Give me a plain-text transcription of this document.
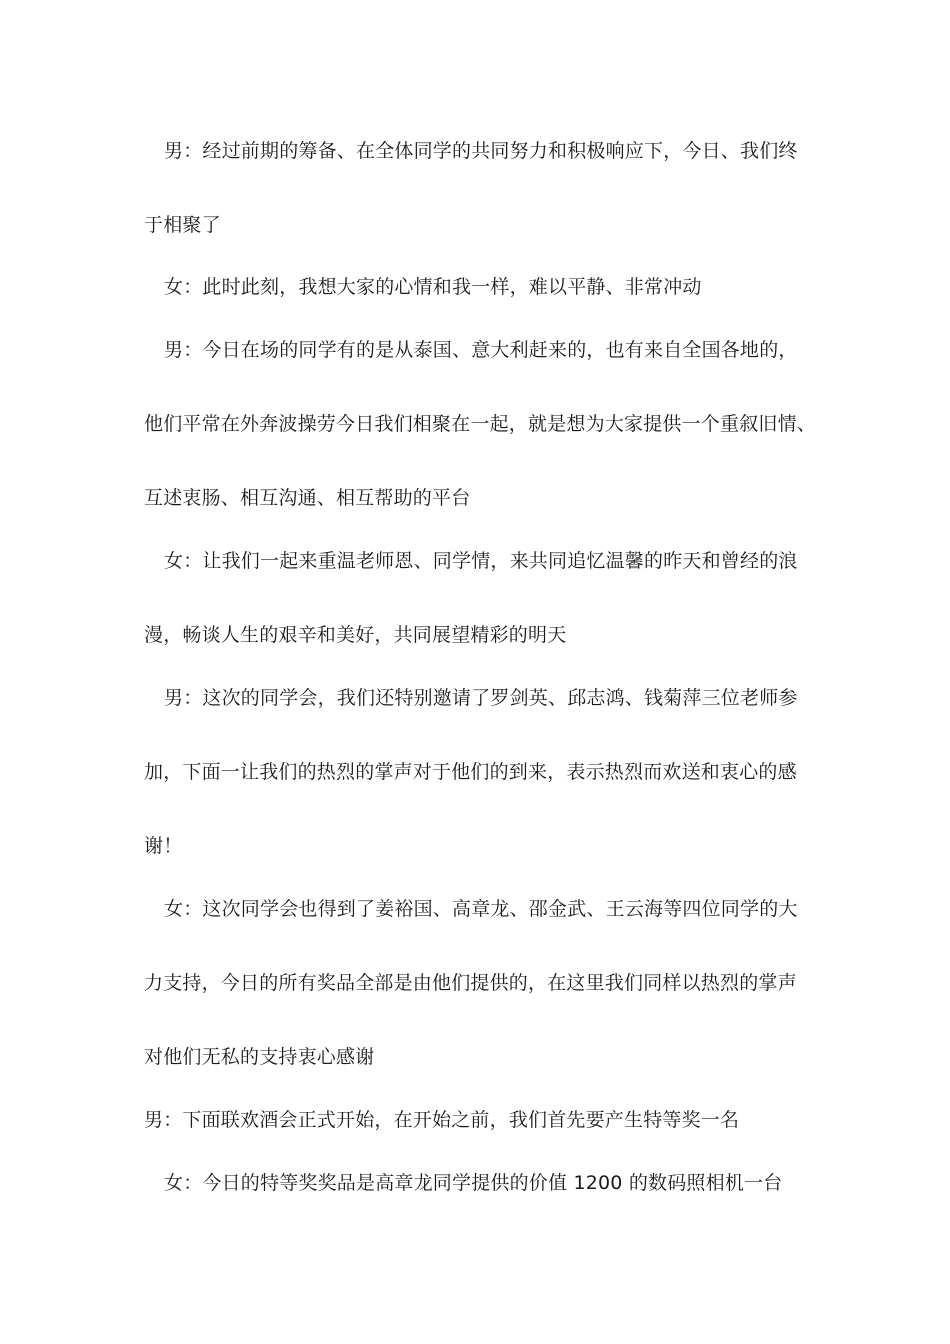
男：经过前期的筹备、在全体同学的共同努力和积极响应下，今日、我们终
于相聚了
女：此时此刻，我想大家的心情和我一样，难以平静、非常冲动
男：今日在场的同学有的是从泰国、意大利赶来的，也有来自全国各地的，
他们平常在外奔波操劳今日我们相聚在一起，就是想为大家提供一个重叙旧情、
互述衷肠、相互沟通、相互帮助的平台
女：让我们一起来重温老师恩、同学情，来共同追忆温馨的昨天和曾经的浪
漫，畅谈人生的艰辛和美好，共同展望精彩的明天
男：这次的同学会，我们还特别邀请了罗剑英、邱志鸿、钱菊萍三位老师参
加，下面一让我们的热烈的掌声对于他们的到来，表示热烈而欢送和衷心的感
谢！
女：这次同学会也得到了姜裕国、高章龙、邵金武、王云海等四位同学的大
力支持，今日的所有奖品全部是由他们提供的，在这里我们同样以热烈的掌声
对他们无私的支持衷心感谢
男：下面联欢酒会正式开始，在开始之前，我们首先要产生特等奖一名
女：今日的特等奖奖品是高章龙同学提供的价值 1200 的数码照相机一台
